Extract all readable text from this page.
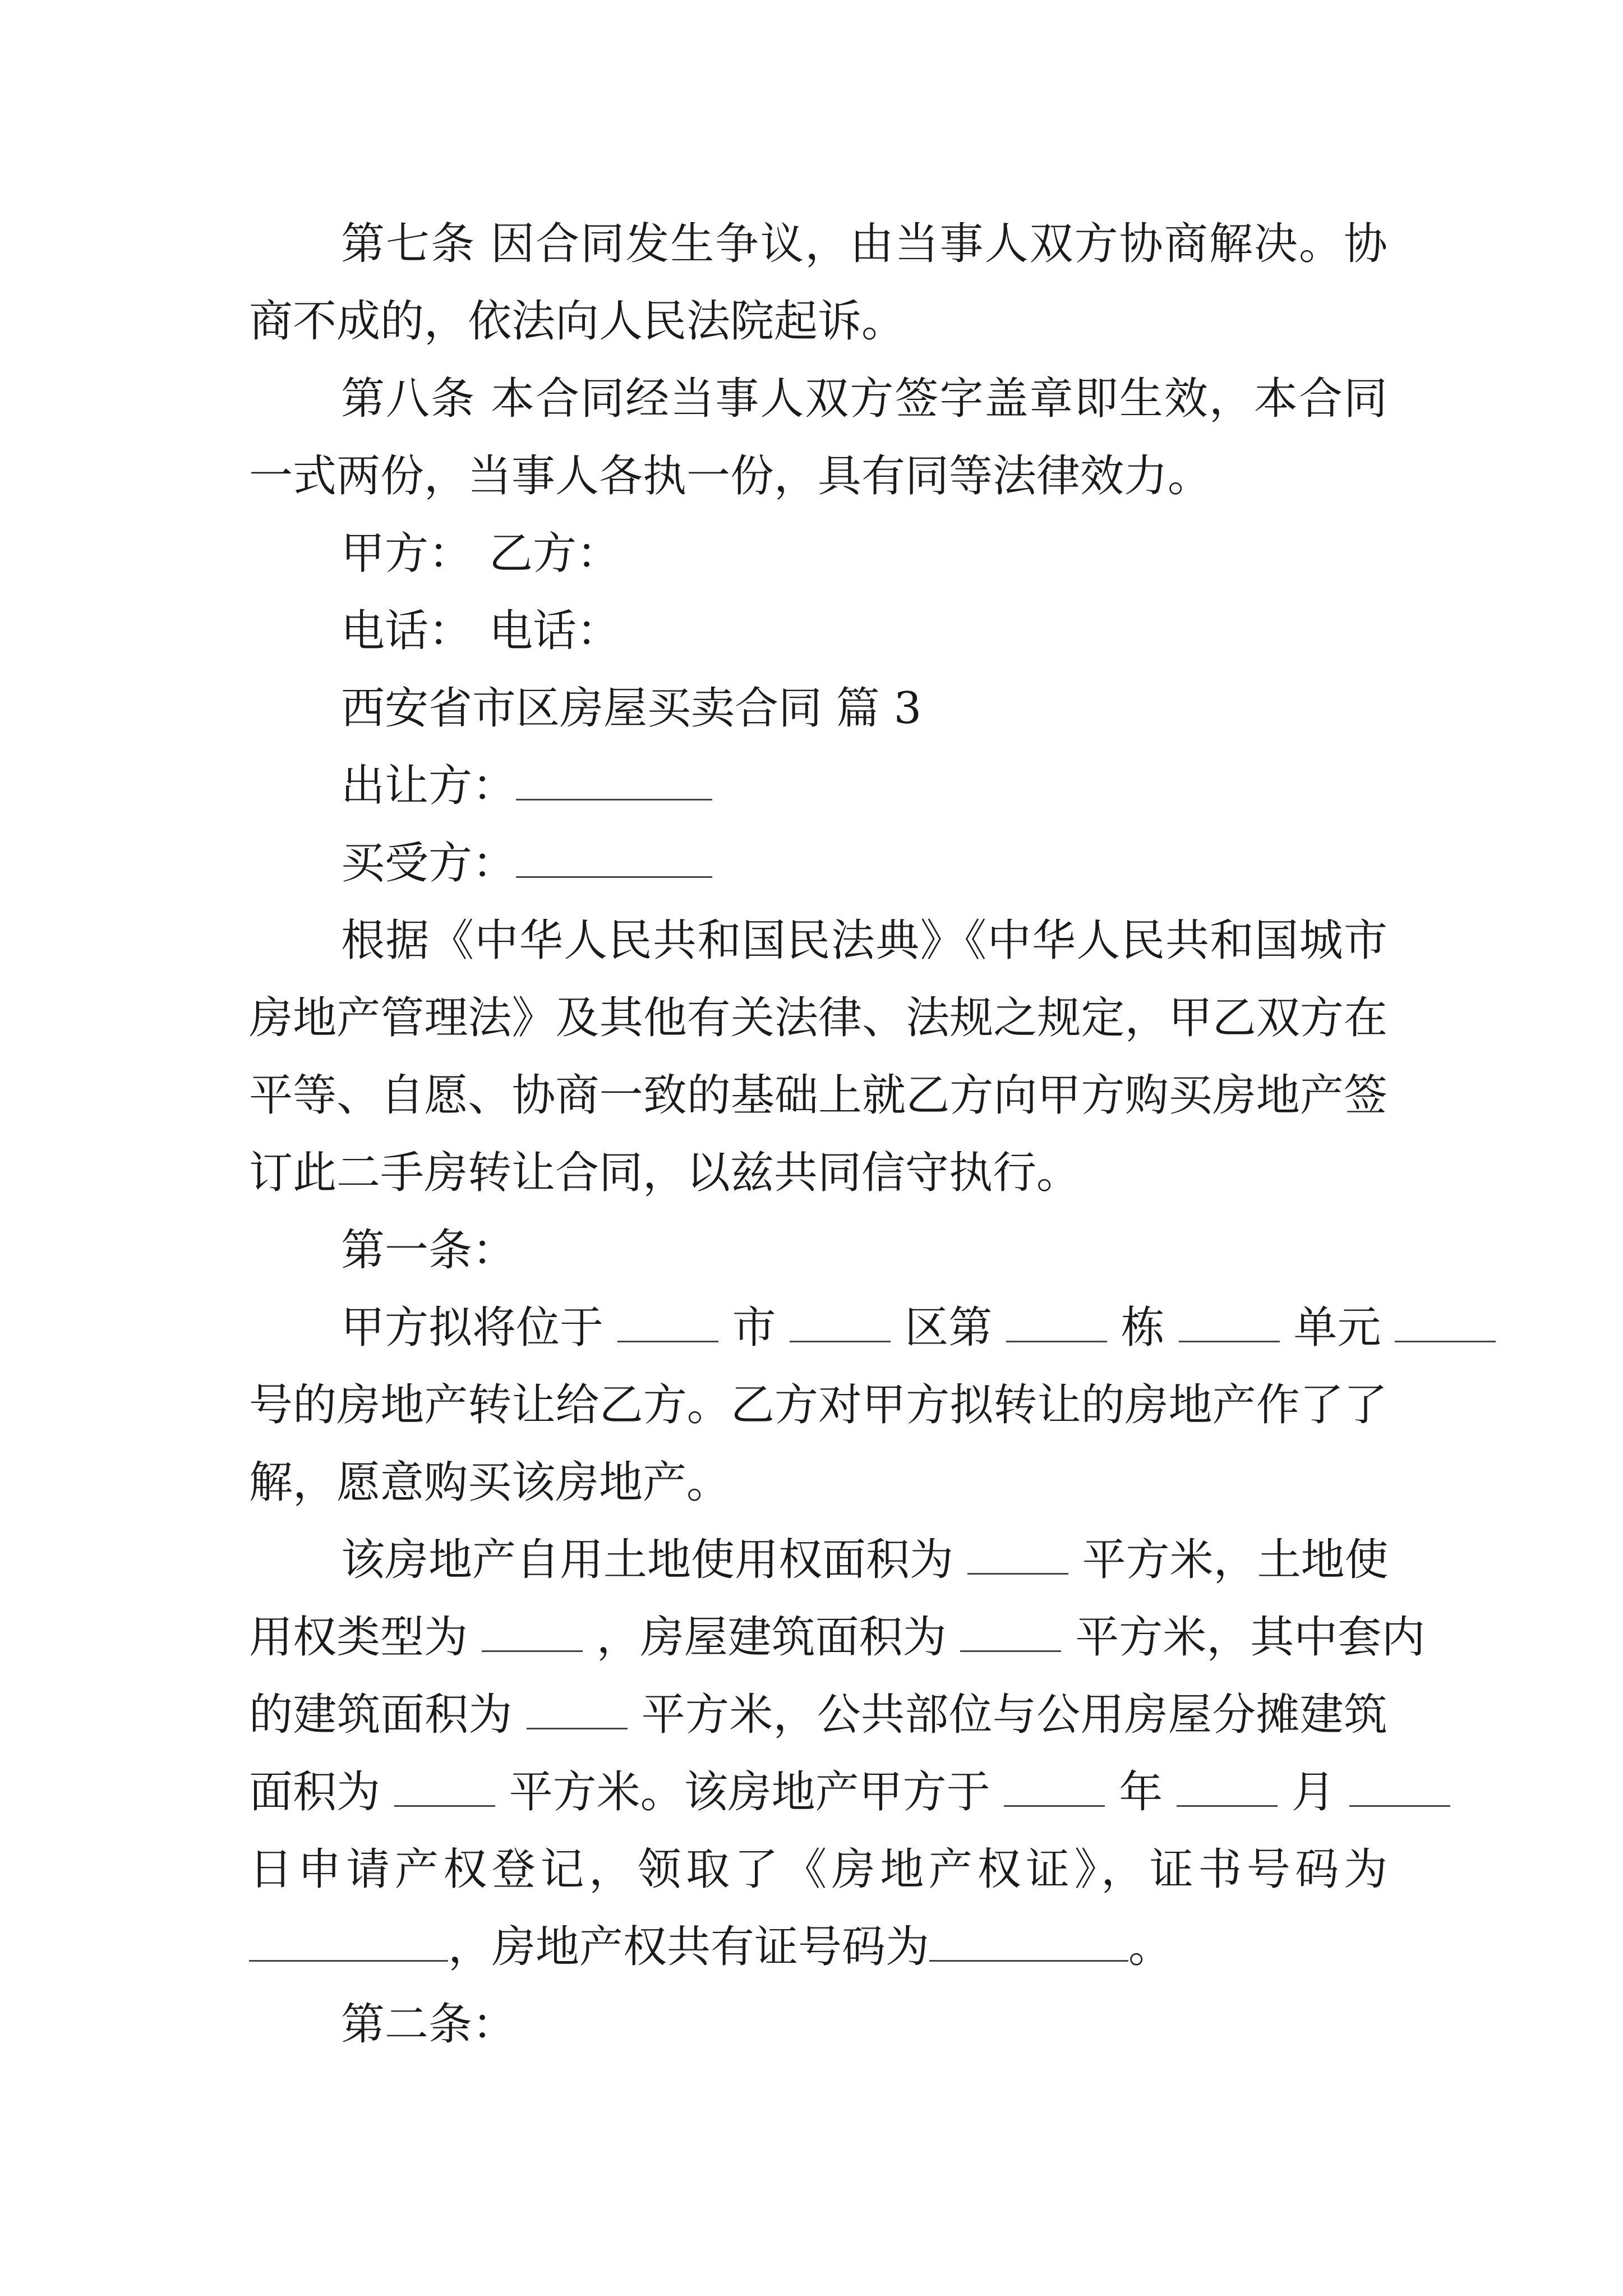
第七条 因合同发生争议，由当事人双方协商解决。协
商不成的，依法向人民法院起诉。
第八条 本合同经当事人双方签字盖章即生效，本合同
一式两份，当事人各执一份，具有同等法律效力。
甲方： 乙方：
电话： 电话：
西安省市区房屋买卖合同 篇 3
出让方：
买受方：
根据《中华人民共和国民法典》《中华人民共和国城市
房地产管理法》及其他有关法律、法规之规定，甲乙双方在
平等、自愿、协商一致的基础上就乙方向甲方购买房地产签
订此二手房转让合同，以兹共同信守执行。
第一条：
甲方拟将位于	市	区第	栋	单元
号的房地产转让给乙方。乙方对甲方拟转让的房地产作了了
解，愿意购买该房地产。
该房地产自用土地使用权面积为	平方米，土地使
用权类型为	，房屋建筑面积为	平方米，其中套内
的建筑面积为	平方米，公共部位与公用房屋分摊建筑
面积为	平方米。该房地产甲方于	年	月
日申请产权登记，领取了《房地产权证》，证书号码为
，房地产权共有证号码为	。
第二条：
